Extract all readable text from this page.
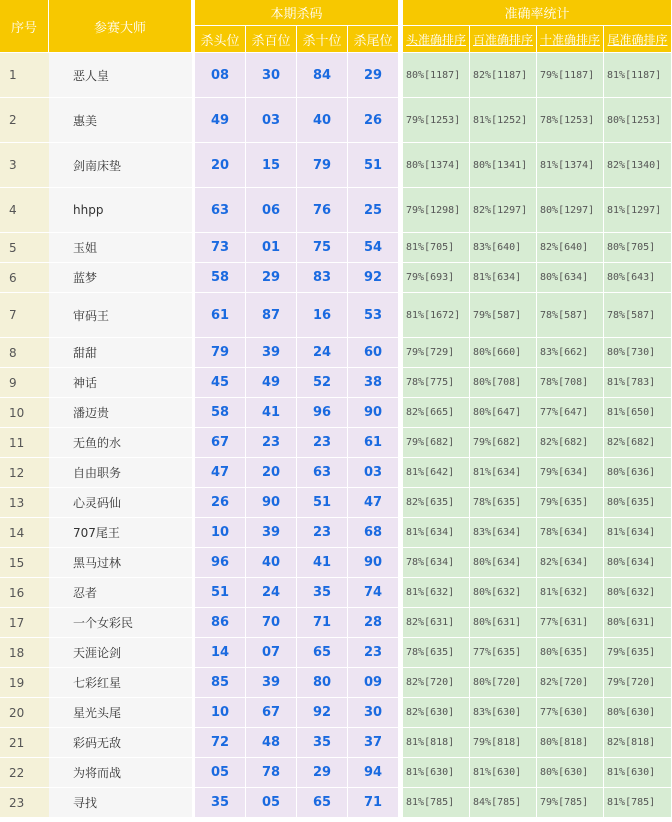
序号	参赛大师		本期杀码					准确率统计			
			杀头位	杀百位	杀十位	杀尾位		头准确排序	百准确排序	十准确排序	尾准确排序
1	恶人皇		08	30	84	29		80%[1187]	82%[1187]	79%[1187]	81%[1187]
2	惠美		49	03	40	26		79%[1253]	81%[1252]	78%[1253]	80%[1253]
3	剑南床垫		20	15	79	51		80%[1374]	80%[1341]	81%[1374]	82%[1340]
4	hhpp		63	06	76	25		79%[1298]	82%[1297]	80%[1297]	81%[1297]
5	玉姐		73	01	75	54		81%[705]	83%[640]	82%[640]	80%[705]
6	蓝梦		58	29	83	92		79%[693]	81%[634]	80%[634]	80%[643]
7	审码王		61	87	16	53		81%[1672]	79%[587]	78%[587]	78%[587]
8	甜甜		79	39	24	60		79%[729]	80%[660]	83%[662]	80%[730]
9	神话		45	49	52	38		78%[775]	80%[708]	78%[708]	81%[783]
10	潘迈贵		58	41	96	90		82%[665]	80%[647]	77%[647]	81%[650]
11	无鱼的水		67	23	23	61		79%[682]	79%[682]	82%[682]	82%[682]
12	自由职务		47	20	63	03		81%[642]	81%[634]	79%[634]	80%[636]
13	心灵码仙		26	90	51	47		82%[635]	78%[635]	79%[635]	80%[635]
14	707尾王		10	39	23	68		81%[634]	83%[634]	78%[634]	81%[634]
15	黑马过林		96	40	41	90		78%[634]	80%[634]	82%[634]	80%[634]
16	忍者		51	24	35	74		81%[632]	80%[632]	81%[632]	80%[632]
17	一个女彩民		86	70	71	28		82%[631]	80%[631]	77%[631]	80%[631]
18	天涯论剑		14	07	65	23		78%[635]	77%[635]	80%[635]	79%[635]
19	七彩红星		85	39	80	09		82%[720]	80%[720]	82%[720]	79%[720]
20	星光头尾		10	67	92	30		82%[630]	83%[630]	77%[630]	80%[630]
21	彩码无敌		72	48	35	37		81%[818]	79%[818]	80%[818]	82%[818]
22	为将而战		05	78	29	94		81%[630]	81%[630]	80%[630]	81%[630]
23	寻找		35	05	65	71		81%[785]	84%[785]	79%[785]	81%[785]
